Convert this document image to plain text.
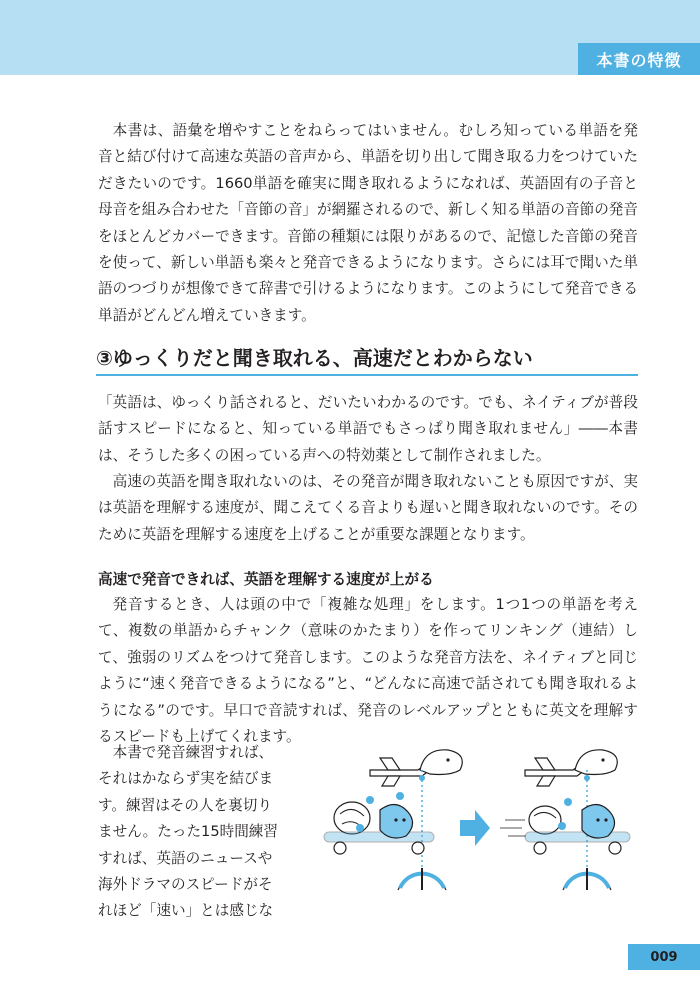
本書の特徴

本書は、語彙を増やすことをねらってはいません。むしろ知っている単語を発音と結び付けて高速な英語の音声から、単語を切り出して聞き取る力をつけていただきたいのです。1660単語を確実に聞き取れるようになれば、英語固有の子音と母音を組み合わせた「音節の音」が網羅されるので、新しく知る単語の音節の発音をほとんどカバーできます。音節の種類には限りがあるので、記憶した音節の発音を使って、新しい単語も楽々と発音できるようになります。さらには耳で聞いた単語のつづりが想像できて辞書で引けるようになります。このようにして発音できる単語がどんどん増えていきます。

③ゆっくりだと聞き取れる、高速だとわからない

「英語は、ゆっくり話されると、だいたいわかるのです。でも、ネイティブが普段話すスピードになると、知っている単語でもさっぱり聞き取れません」――本書は、そうした多くの困っている声への特効薬として制作されました。

高速の英語を聞き取れないのは、その発音が聞き取れないことも原因ですが、実は英語を理解する速度が、聞こえてくる音よりも遅いと聞き取れないのです。そのために英語を理解する速度を上げることが重要な課題となります。

高速で発音できれば、英語を理解する速度が上がる

発音するとき、人は頭の中で「複雑な処理」をします。1つ1つの単語を考えて、複数の単語からチャンク（意味のかたまり）を作ってリンキング（連結）して、強弱のリズムをつけて発音します。このような発音方法を、ネイティブと同じように“速く発音できるようになる”と、“どんなに高速で話されても聞き取れるようになる”のです。早口で音読すれば、発音のレベルアップとともに英文を理解するスピードも上げてくれます。

本書で発音練習すれば、それはかならず実を結びます。練習はその人を裏切りません。たった15時間練習すれば、英語のニュースや海外ドラマのスピードがそれほど「速い」とは感じな

009
